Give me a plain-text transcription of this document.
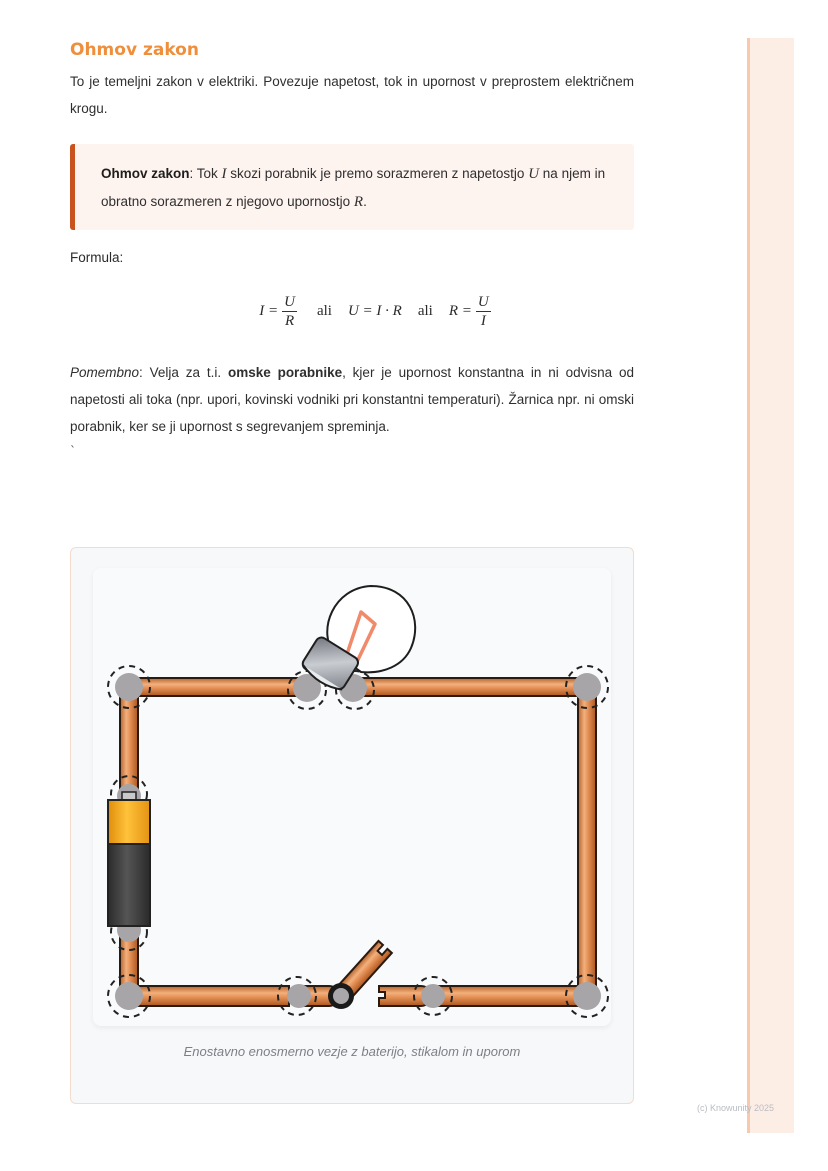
Ohmov zakon

To je temeljni zakon v elektriki. Povezuje napetost, tok in upornost v preprostem električnem krogu.

Ohmov zakon: Tok I skozi porabnik je premo sorazmeren z napetostjo U na njem in obratno sorazmeren z njegovo upornostjo R.
Formula:
$I = \frac{U}{R}$ ali U = I · R ali $R = \frac{U}{I}$
Pomembno: Velja za t.i. omske porabnike, kjer je upornost konstantna in ni odvisna od napetosti ali toka (npr. upori, kovinski vodniki pri konstantni temperaturi). Žarnica npr. ni omski porabnik, ker se ji upornost s segrevanjem spreminja.
`
Enostavno enosmerno vezje z baterijo, stikalom in uporom
(c) Knowunity 2025
